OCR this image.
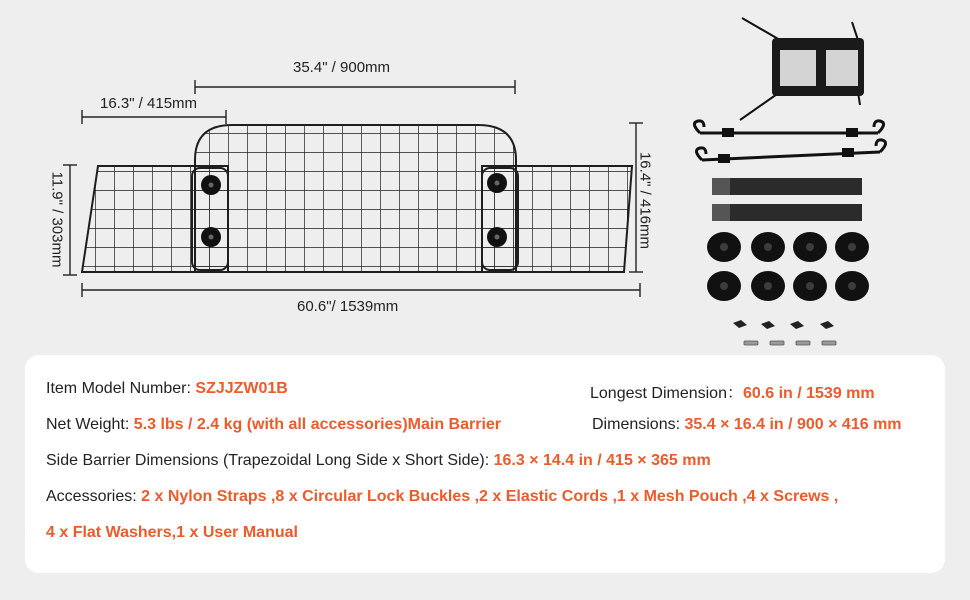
35.4" / 900mm
16.3" / 415mm
60.6"/ 1539mm
11.9" / 303mm	16.4" / 416mm
Item Model Number: SZJJZW01B	Longest Dimension：60.6 in / 1539 mm
Net Weight: 5.3 lbs / 2.4 kg (with all accessories)Main Barrier	Dimensions: 35.4 × 16.4 in / 900 × 416 mm
Side Barrier Dimensions (Trapezoidal Long Side x Short Side): 16.3 × 14.4 in / 415 × 365 mm
Accessories: 2 x Nylon Straps ,8 x Circular Lock Buckles ,2 x Elastic Cords ,1 x Mesh Pouch ,4 x Screws ,
4 x Flat Washers,1 x User Manual
